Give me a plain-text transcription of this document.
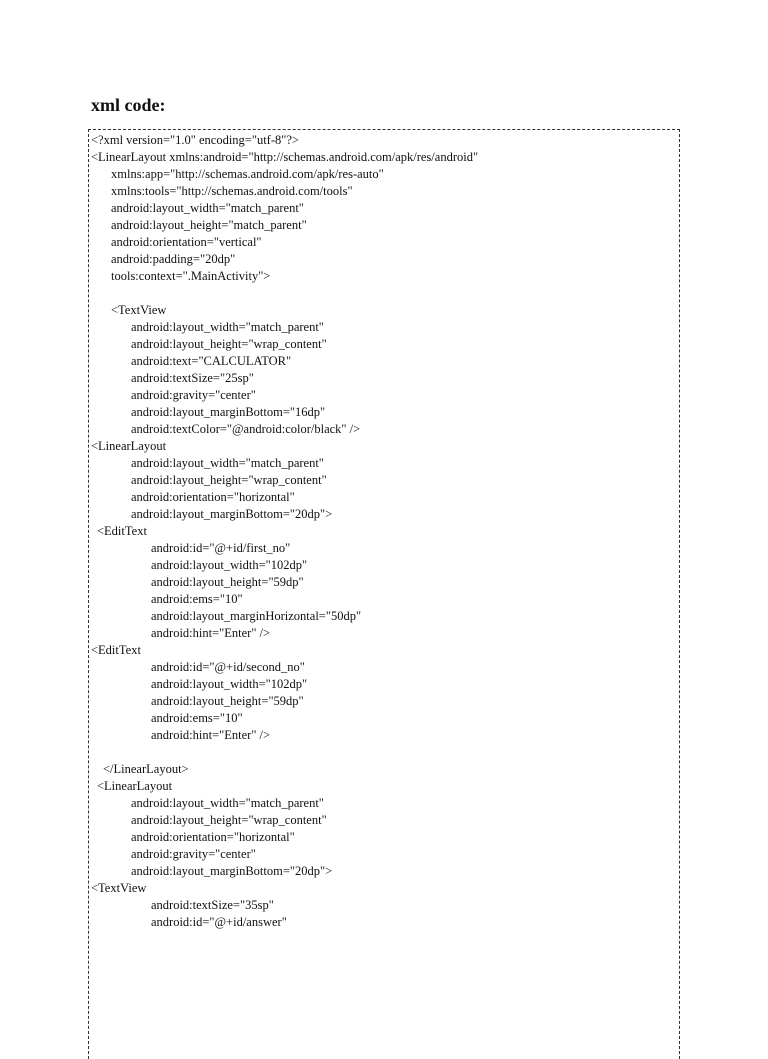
xml code:
<?xml version="1.0" encoding="utf-8"?>
<LinearLayout xmlns:android="http://schemas.android.com/apk/res/android"
xmlns:app="http://schemas.android.com/apk/res-auto"
xmlns:tools="http://schemas.android.com/tools"
android:layout_width="match_parent"
android:layout_height="match_parent"
android:orientation="vertical"
android:padding="20dp"
tools:context=".MainActivity">
<TextView
android:layout_width="match_parent"
android:layout_height="wrap_content"
android:text="CALCULATOR"
android:textSize="25sp"
android:gravity="center"
android:layout_marginBottom="16dp"
android:textColor="@android:color/black" />
<LinearLayout
android:layout_width="match_parent"
android:layout_height="wrap_content"
android:orientation="horizontal"
android:layout_marginBottom="20dp">
<EditText
android:id="@+id/first_no"
android:layout_width="102dp"
android:layout_height="59dp"
android:ems="10"
android:layout_marginHorizontal="50dp"
android:hint="Enter" />
<EditText
android:id="@+id/second_no"
android:layout_width="102dp"
android:layout_height="59dp"
android:ems="10"
android:hint="Enter" />
</LinearLayout>
<LinearLayout
android:layout_width="match_parent"
android:layout_height="wrap_content"
android:orientation="horizontal"
android:gravity="center"
android:layout_marginBottom="20dp">
<TextView
android:textSize="35sp"
android:id="@+id/answer"
